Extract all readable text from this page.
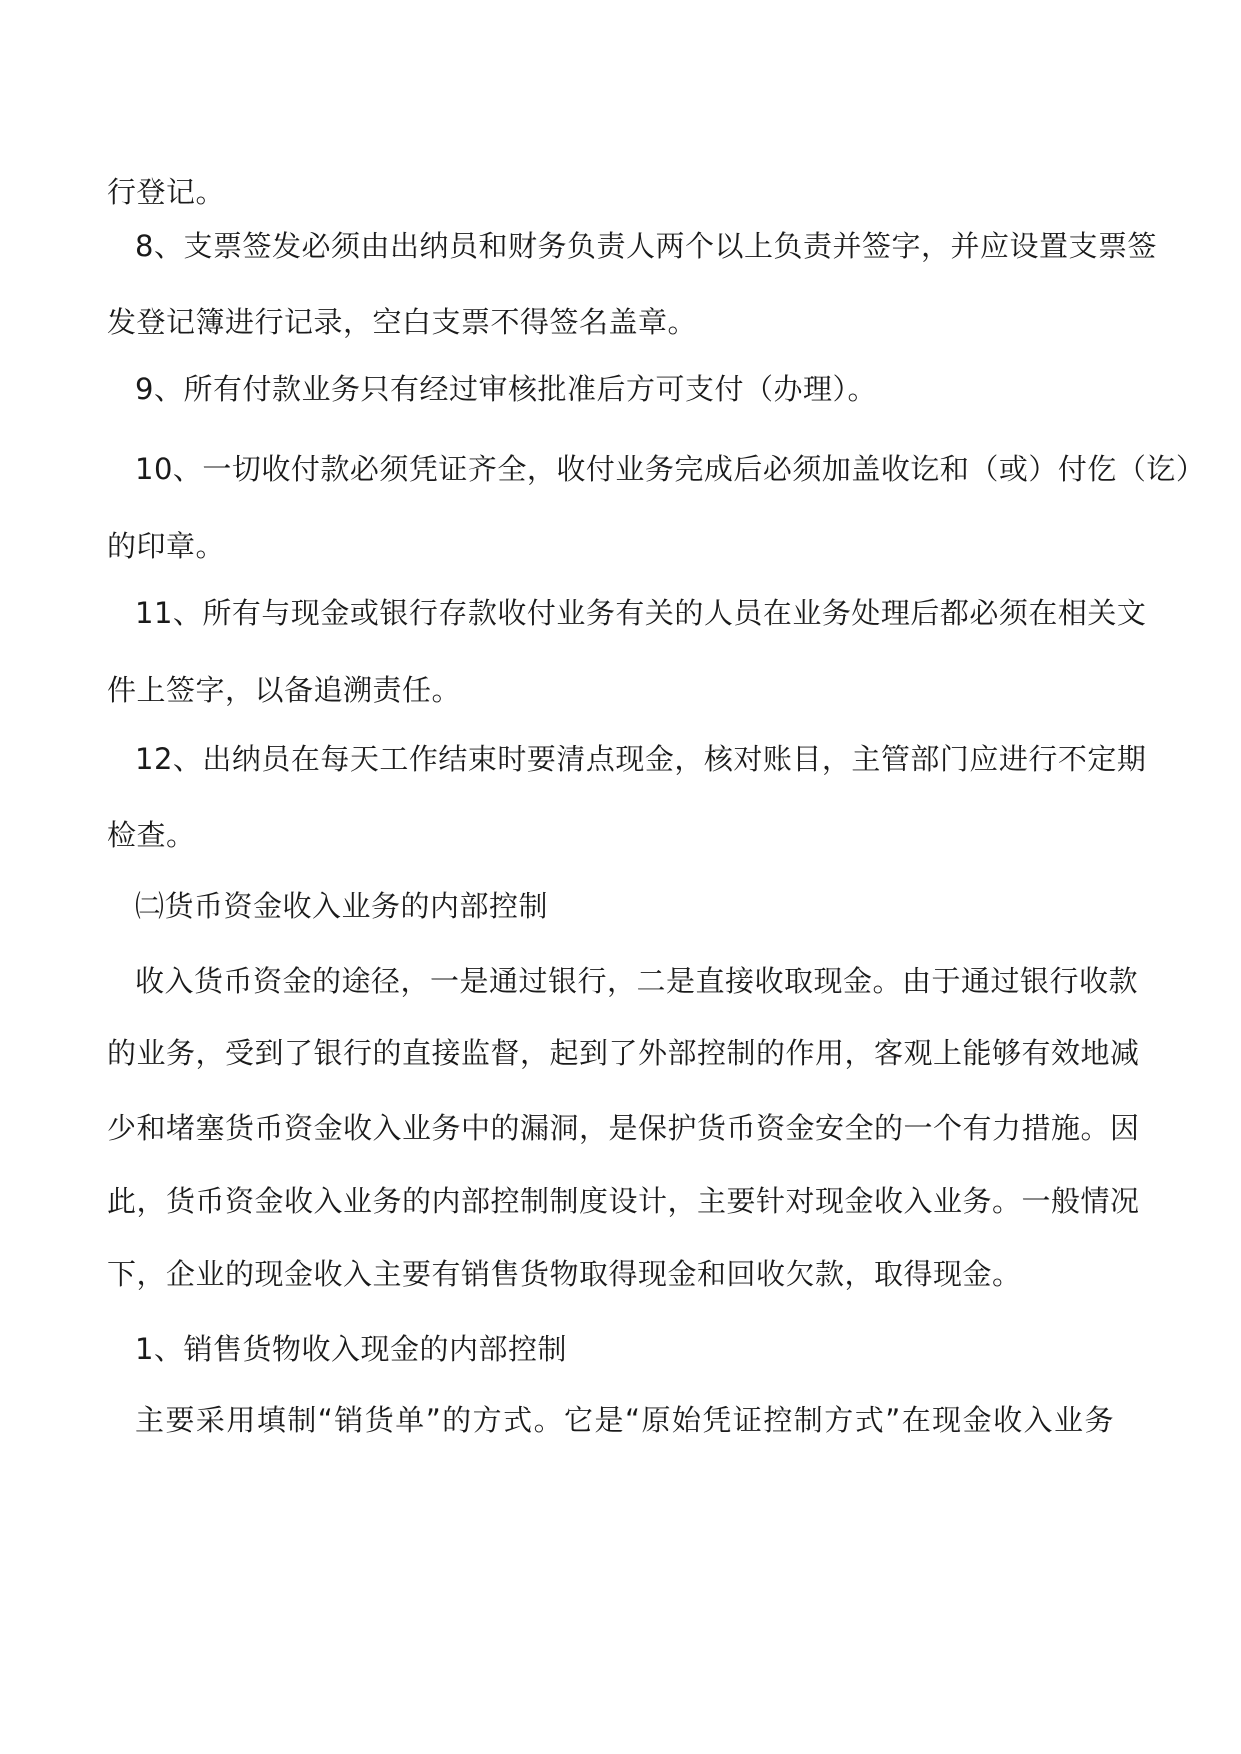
行登记。
8、支票签发必须由出纳员和财务负责人两个以上负责并签字，并应设置支票签
发登记簿进行记录，空白支票不得签名盖章。
9、所有付款业务只有经过审核批准后方可支付（办理）。
10、一切收付款必须凭证齐全，收付业务完成后必须加盖收讫和（或）付仡（讫）
的印章。
11、所有与现金或银行存款收付业务有关的人员在业务处理后都必须在相关文
件上签字，以备追溯责任。
12、出纳员在每天工作结束时要清点现金，核对账目，主管部门应进行不定期
检查。
㈡货币资金收入业务的内部控制
收入货币资金的途径，一是通过银行，二是直接收取现金。由于通过银行收款
的业务，受到了银行的直接监督，起到了外部控制的作用，客观上能够有效地减
少和堵塞货币资金收入业务中的漏洞，是保护货币资金安全的一个有力措施。因
此，货币资金收入业务的内部控制制度设计，主要针对现金收入业务。一般情况
下，企业的现金收入主要有销售货物取得现金和回收欠款，取得现金。
1、销售货物收入现金的内部控制
主要采用填制“销货单”的方式。它是“原始凭证控制方式”在现金收入业务
